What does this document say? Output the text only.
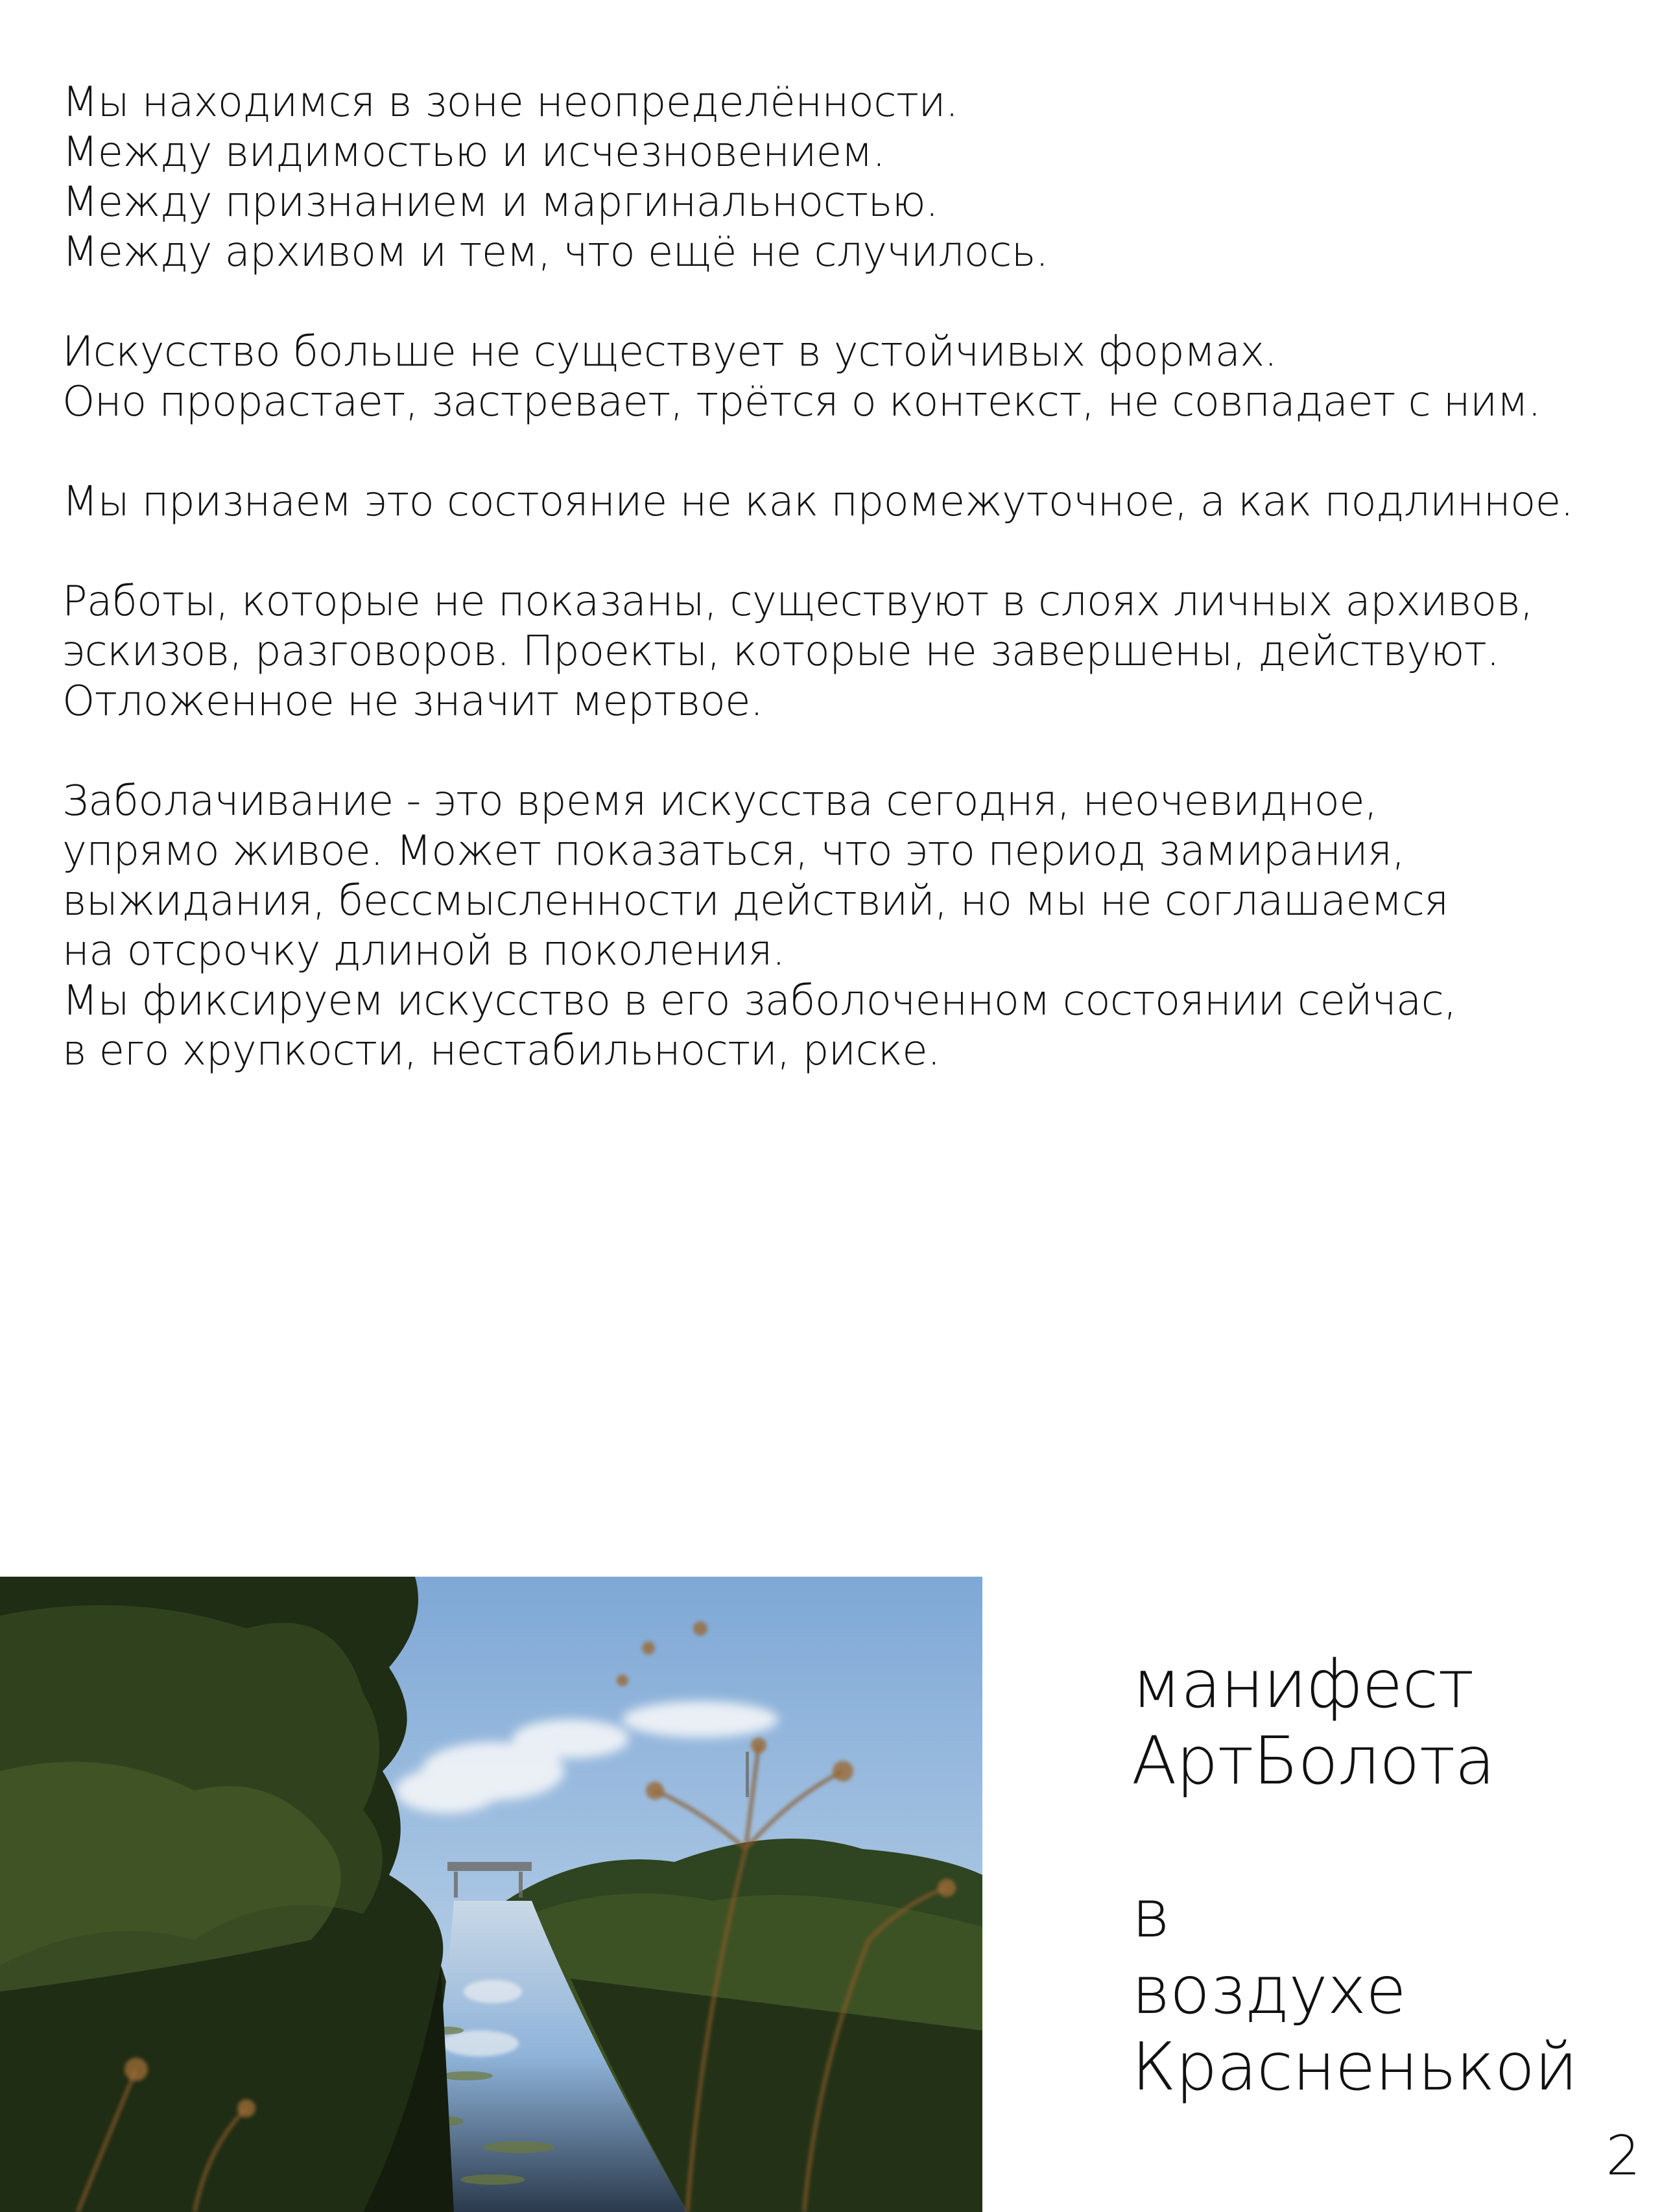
Мы находимся в зоне неопределённости.
Между видимостью и исчезновением.
Между признанием и маргинальностью.
Между архивом и тем, что ещё не случилось.
Искусство больше не существует в устойчивых формах.
Оно прорастает, застревает, трётся о контекст, не совпадает с ним.
Мы признаем это состояние не как промежуточное, а как подлинное.
Работы, которые не показаны, существуют в слоях личных архивов,
эскизов, разговоров. Проекты, которые не завершены, действуют.
Отложенное не значит мертвое.
Заболачивание - это время искусства сегодня, неочевидное,
упрямо живое. Может показаться, что это период замирания,
выжидания, бессмысленности действий, но мы не соглашаемся
на отсрочку длиной в поколения.
Мы фиксируем искусство в его заболоченном состоянии сейчас,
в его хрупкости, нестабильности, риске.
манифест
АртБолота
в
воздухе
Красненькой
2
